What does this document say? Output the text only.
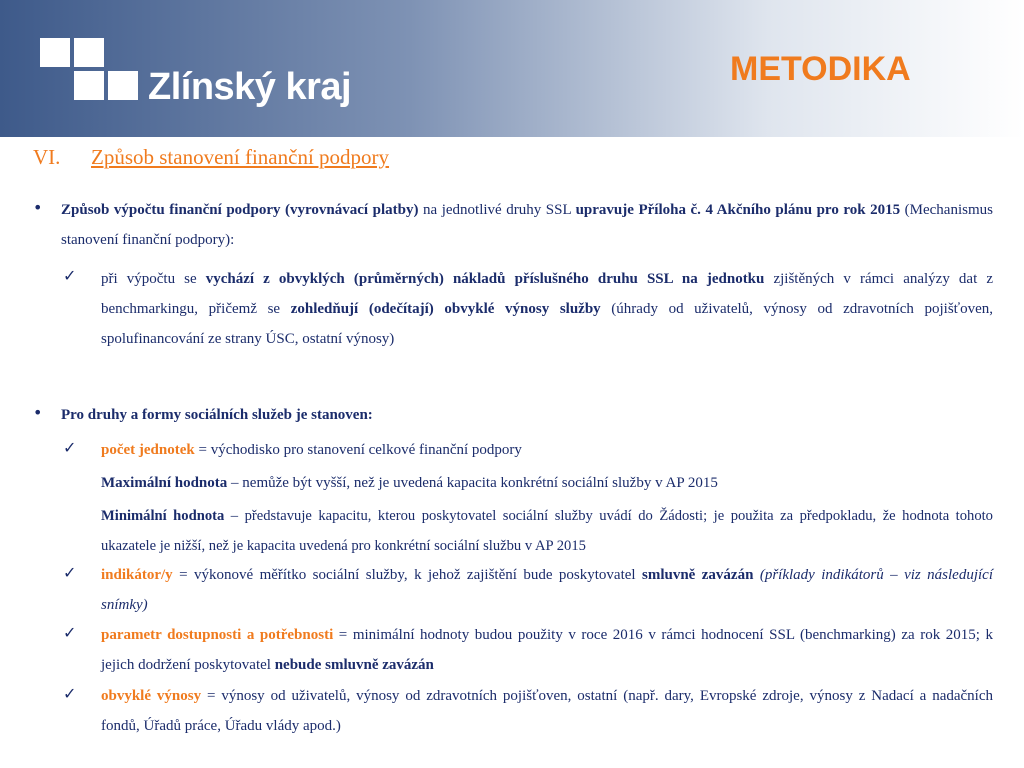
Zlínský kraj	METODIKA
VI. Způsob stanovení finanční podpory
• Způsob výpočtu finanční podpory (vyrovnávací platby) na jednotlivé druhy SSL upravuje Příloha č. 4 Akčního plánu pro rok 2015 (Mechanismus stanovení finanční podpory):
✓ při výpočtu se vychází z obvyklých (průměrných) nákladů příslušného druhu SSL na jednotku zjištěných v rámci analýzy dat z benchmarkingu, přičemž se zohledňují (odečítají) obvyklé výnosy služby (úhrady od uživatelů, výnosy od zdravotních pojišťoven, spolufinancování ze strany ÚSC, ostatní výnosy)
• Pro druhy a formy sociálních služeb je stanoven:
✓ počet jednotek = východisko pro stanovení celkové finanční podpory
Maximální hodnota – nemůže být vyšší, než je uvedená kapacita konkrétní sociální služby v AP 2015
Minimální hodnota – představuje kapacitu, kterou poskytovatel sociální služby uvádí do Žádosti; je použita za předpokladu, že hodnota tohoto ukazatele je nižší, než je kapacita uvedená pro konkrétní sociální službu v AP 2015
✓ indikátor/y = výkonové měřítko sociální služby, k jehož zajištění bude poskytovatel smluvně zavázán (příklady indikátorů – viz následující snímky)
✓ parametr dostupnosti a potřebnosti = minimální hodnoty budou použity v roce 2016 v rámci hodnocení SSL (benchmarking) za rok 2015; k jejich dodržení poskytovatel nebude smluvně zavázán
✓ obvyklé výnosy = výnosy od uživatelů, výnosy od zdravotních pojišťoven, ostatní (např. dary, Evropské zdroje, výnosy z Nadací a nadačních fondů, Úřadů práce, Úřadu vlády apod.)
